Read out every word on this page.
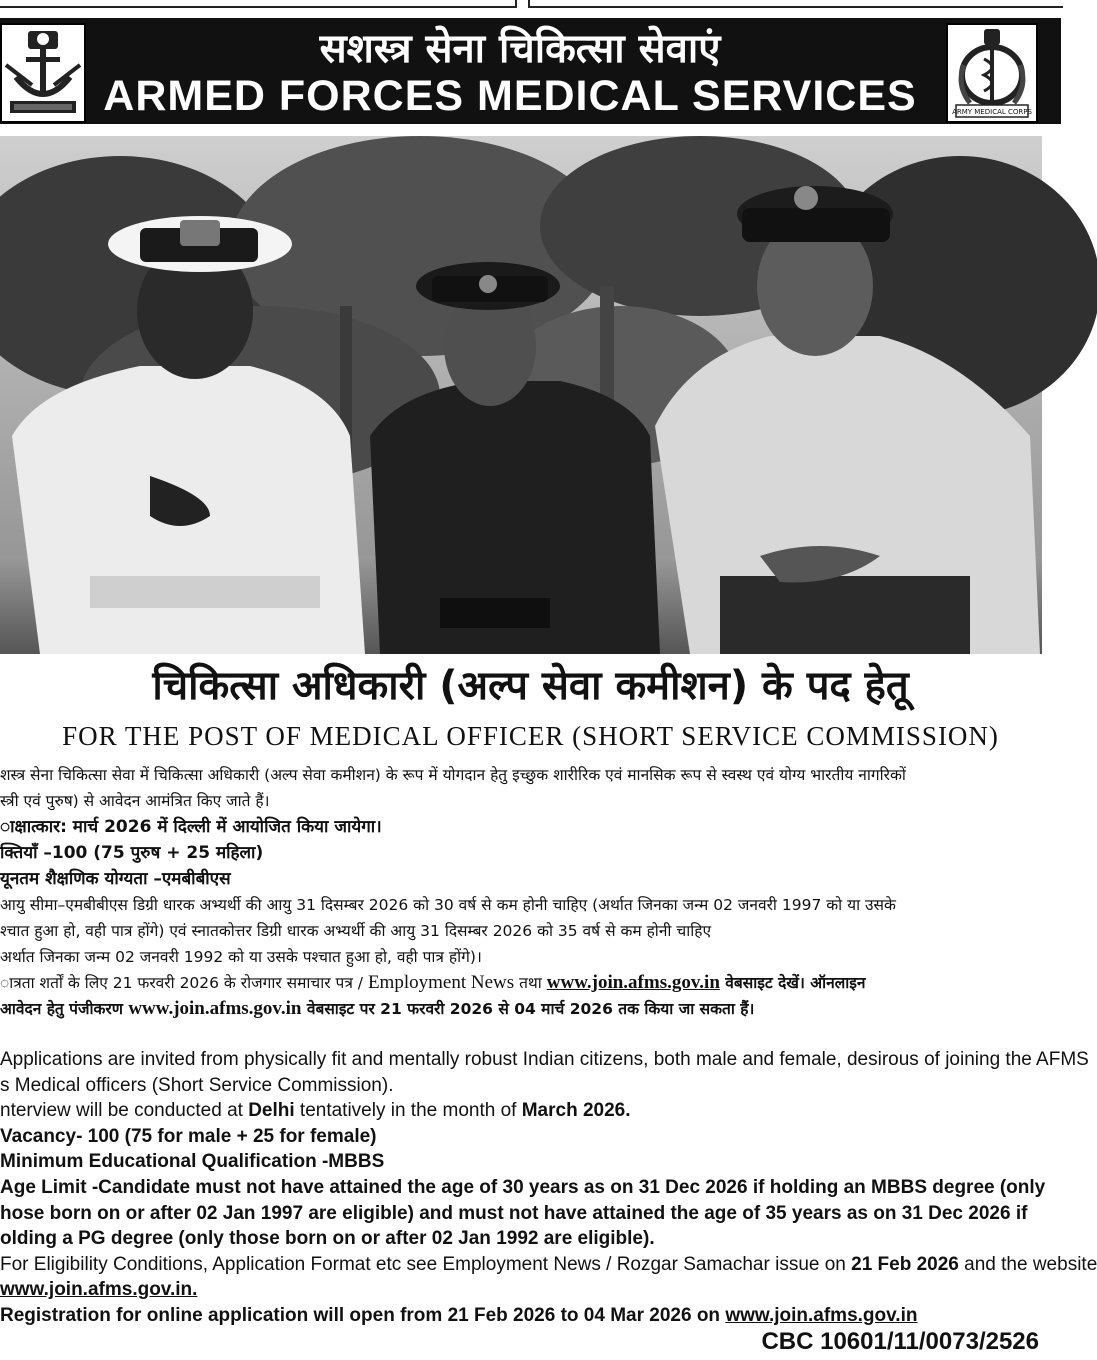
सशस्त्र सेना चिकित्सा सेवाएं
ARMED FORCES MEDICAL SERVICES	ARMY MEDICAL CORPS
चिकित्सा अधिकारी (अल्प सेवा कमीशन) के पद हेतू
FOR THE POST OF MEDICAL OFFICER (SHORT SERVICE COMMISSION)

शस्त्र सेना चिकित्सा सेवा में चिकित्सा अधिकारी (अल्प सेवा कमीशन) के रूप में योगदान हेतु इच्छुक शारीरिक एवं मानसिक रूप से स्वस्थ एवं योग्य भारतीय नागरिकों

स्त्री एवं पुरुष) से आवेदन आमंत्रित किए जाते हैं।

ाक्षात्कार: मार्च 2026 में दिल्ली में आयोजित किया जायेगा।

क्तियाँ –100 (75 पुरुष + 25 महिला)

यूनतम शैक्षणिक योग्यता –एमबीबीएस

आयु सीमा–एमबीबीएस डिग्री धारक अभ्यर्थी की आयु 31 दिसम्बर 2026 को 30 वर्ष से कम होनी चाहिए (अर्थात जिनका जन्म 02 जनवरी 1997 को या उसके

श्चात हुआ हो, वही पात्र होंगे) एवं स्नातकोत्तर डिग्री धारक अभ्यर्थी की आयु 31 दिसम्बर 2026 को 35 वर्ष से कम होनी चाहिए

अर्थात जिनका जन्म 02 जनवरी 1992 को या उसके पश्चात हुआ हो, वही पात्र होंगे)।

ात्रता शर्तों के लिए 21 फरवरी 2026 के रोजगार समाचार पत्र / Employment News तथा www.join.afms.gov.in वेबसाइट देखें। ऑनलाइन

आवेदन हेतु पंजीकरण www.join.afms.gov.in वेबसाइट पर 21 फरवरी 2026 से 04 मार्च 2026 तक किया जा सकता हैं।

Applications are invited from physically fit and mentally robust Indian citizens, both male and female, desirous of joining the AFMS

s Medical officers (Short Service Commission).

nterview will be conducted at Delhi tentatively in the month of March 2026.

Vacancy- 100 (75 for male + 25 for female)

Minimum Educational Qualification -MBBS

Age Limit -Candidate must not have attained the age of 30 years as on 31 Dec 2026 if holding an MBBS degree (only

hose born on or after 02 Jan 1997 are eligible) and must not have attained the age of 35 years as on 31 Dec 2026 if

olding a PG degree (only those born on or after 02 Jan 1992 are eligible).

For Eligibility Conditions, Application Format etc see Employment News / Rozgar Samachar issue on 21 Feb 2026 and the website

www.join.afms.gov.in.

Registration for online application will open from 21 Feb 2026 to 04 Mar 2026 on www.join.afms.gov.in

CBC 10601/11/0073/2526
